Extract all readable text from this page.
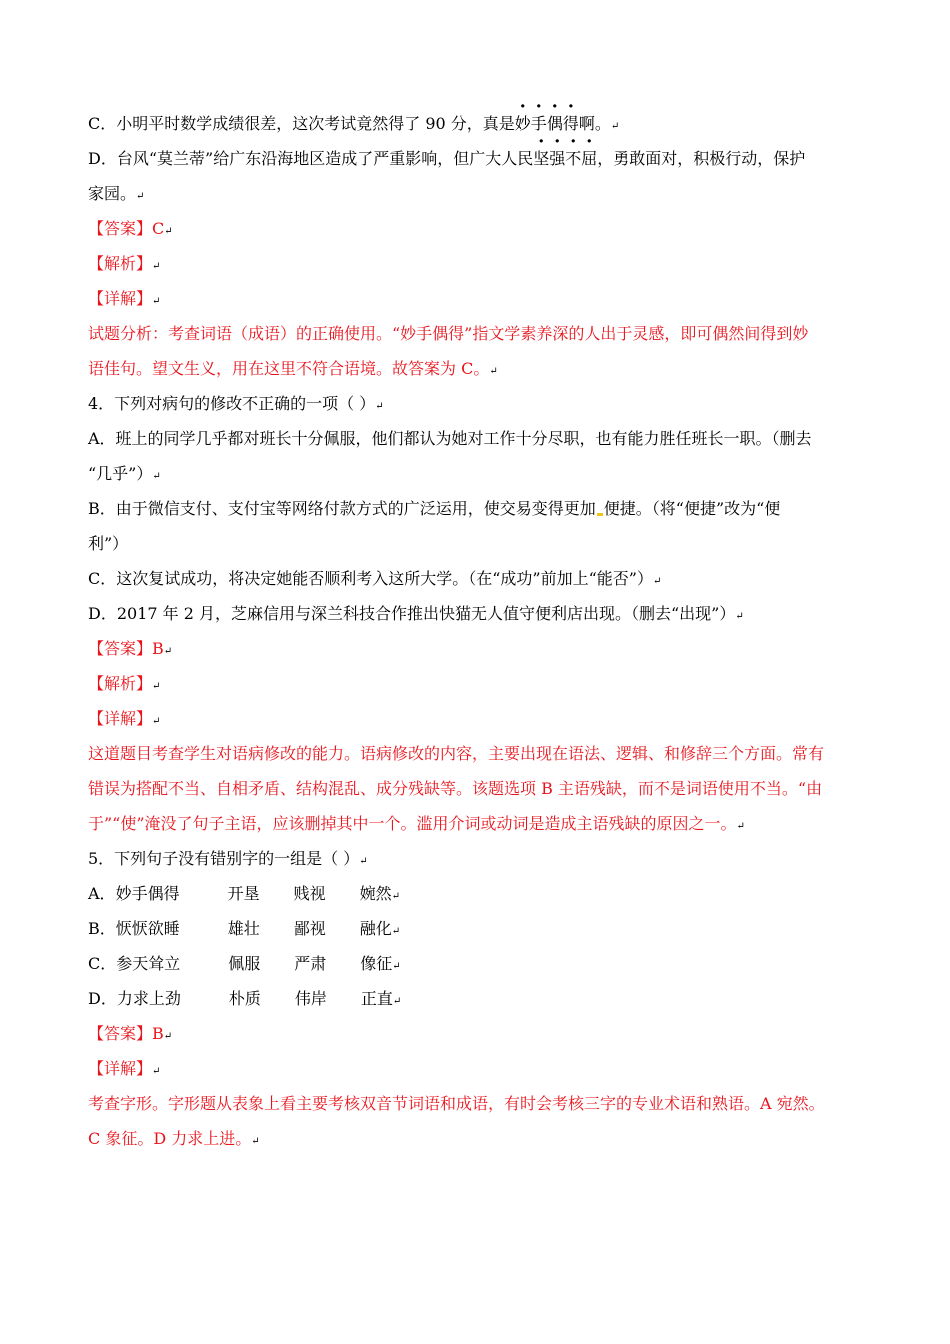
C．小明平时数学成绩很差，这次考试竟然得了 90 分，真是妙手偶得啊。↵

D．台风“莫兰蒂”给广东沿海地区造成了严重影响，但广大人民坚强不屈，勇敢面对，积极行动，保护

家园。↵

【答案】C↵

【解析】↵

【详解】↵

试题分析：考查词语（成语）的正确使用。“妙手偶得”指文学素养深的人出于灵感，即可偶然间得到妙

语佳句。望文生义，用在这里不符合语境。故答案为 C。↵

4．下列对病句的修改不正确的一项（ ）↵

A．班上的同学几乎都对班长十分佩服，他们都认为她对工作十分尽职，也有能力胜任班长一职。（删去

“几乎”）↵

B．由于微信支付、支付宝等网络付款方式的广泛运用，使交易变得更加 便捷。（将“便捷”改为“便

利”）

C．这次复试成功，将决定她能否顺利考入这所大学。（在“成功”前加上“能否”）↵

D．2017 年 2 月，芝麻信用与深兰科技合作推出快猫无人值守便利店出现。（删去“出现”）↵

【答案】B↵

【解析】↵

【详解】↵

这道题目考查学生对语病修改的能力。语病修改的内容，主要出现在语法、逻辑、和修辞三个方面。常有

错误为搭配不当、自相矛盾、结构混乱、成分残缺等。该题选项 B 主语残缺，而不是词语使用不当。“由

于”“使”淹没了句子主语，应该删掉其中一个。滥用介词或动词是造成主语残缺的原因之一。↵

5．下列句子没有错别字的一组是（ ）↵

A．妙手偶得	开垦 贱视 婉然↵

B．恹恹欲睡	雄壮 鄙视 融化↵

C．参天耸立	佩服 严肃 像征↵

D．力求上劲	朴质 伟岸 正直↵

【答案】B↵

【详解】↵

考查字形。字形题从表象上看主要考核双音节词语和成语，有时会考核三字的专业术语和熟语。A 宛然。

C 象征。D 力求上进。↵
